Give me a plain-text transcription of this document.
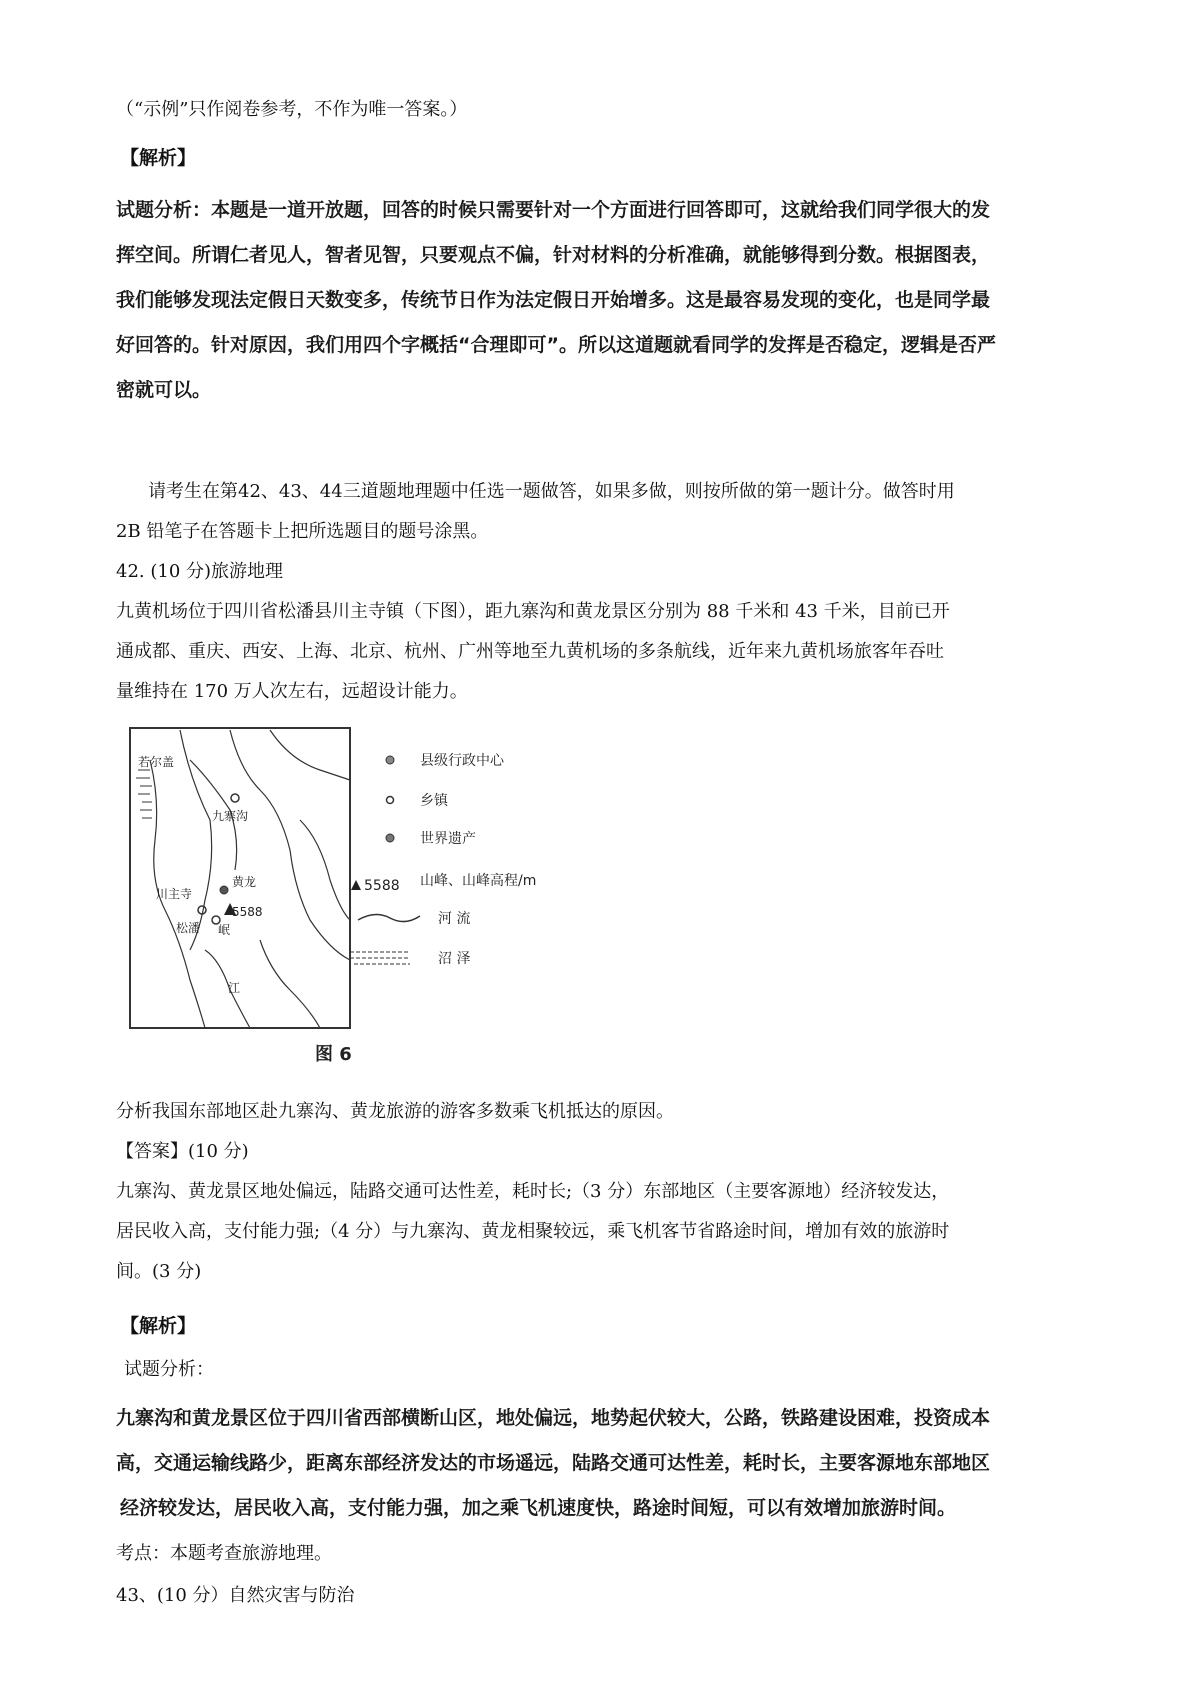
（“示例”只作阅卷参考，不作为唯一答案。）
【解析】
试题分析：本题是一道开放题，回答的时候只需要针对一个方面进行回答即可，这就给我们同学很大的发
挥空间。所谓仁者见人，智者见智，只要观点不偏，针对材料的分析准确，就能够得到分数。根据图表，
我们能够发现法定假日天数变多，传统节日作为法定假日开始增多。这是最容易发现的变化，也是同学最
好回答的。针对原因，我们用四个字概括“合理即可”。所以这道题就看同学的发挥是否稳定，逻辑是否严
密就可以。
请考生在第42、43、44三道题地理题中任选一题做答，如果多做，则按所做的第一题计分。做答时用
2B 铅笔子在答题卡上把所选题目的题号涂黑。
42. (10 分)旅游地理
九黄机场位于四川省松潘县川主寺镇（下图），距九寨沟和黄龙景区分别为 88 千米和 43 千米，目前已开
通成都、重庆、西安、上海、北京、杭州、广州等地至九黄机场的多条航线，近年来九黄机场旅客年吞吐
量维持在 170 万人次左右，远超设计能力。
若尔盖
九寨沟
黄龙
川主寺
松潘 岷
江
5588
县级行政中心
乡镇
世界遗产
5588 山峰、山峰高程/m
河 流
沼 泽
图 6
分析我国东部地区赴九寨沟、黄龙旅游的游客多数乘飞机抵达的原因。
【答案】(10 分)
九寨沟、黄龙景区地处偏远，陆路交通可达性差，耗时长;（3 分）东部地区（主要客源地）经济较发达，
居民收入高，支付能力强;（4 分）与九寨沟、黄龙相聚较远，乘飞机客节省路途时间，增加有效的旅游时
间。(3 分)
【解析】
试题分析：
九寨沟和黄龙景区位于四川省西部横断山区，地处偏远，地势起伏较大，公路，铁路建设困难，投资成本
高，交通运输线路少，距离东部经济发达的市场遥远，陆路交通可达性差，耗时长，主要客源地东部地区
经济较发达，居民收入高，支付能力强，加之乘飞机速度快，路途时间短，可以有效增加旅游时间。
考点：本题考查旅游地理。
43、(10 分）自然灾害与防治
